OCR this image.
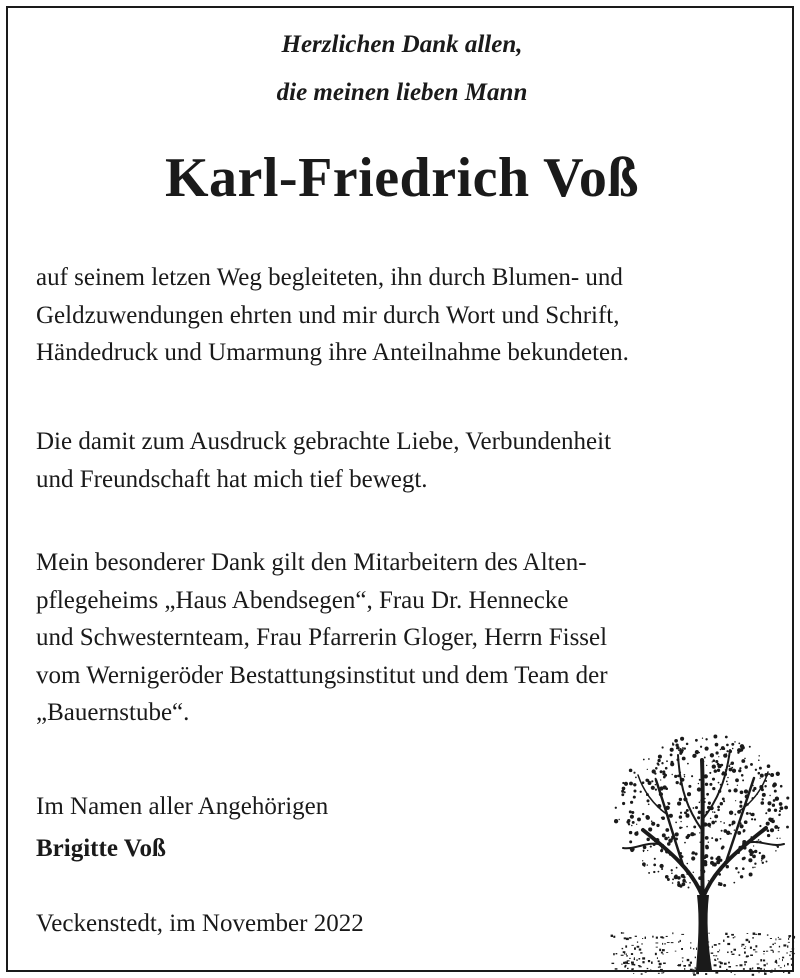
Herzlichen Dank allen,
die meinen lieben Mann
Karl-Friedrich Voß

auf seinem letzen Weg begleiteten, ihn durch Blumen- und
Geldzuwendungen ehrten und mir durch Wort und Schrift,
Händedruck und Umarmung ihre Anteilnahme bekundeten.

Die damit zum Ausdruck gebrachte Liebe, Verbundenheit
und Freundschaft hat mich tief bewegt.

Mein besonderer Dank gilt den Mitarbeitern des Alten-
pflegeheims „Haus Abendsegen“, Frau Dr. Hennecke
und Schwesternteam, Frau Pfarrerin Gloger, Herrn Fissel
vom Wernigeröder Bestattungsinstitut und dem Team der
„Bauernstube“.

Im Namen aller Angehörigen
Brigitte Voß
Veckenstedt, im November 2022
